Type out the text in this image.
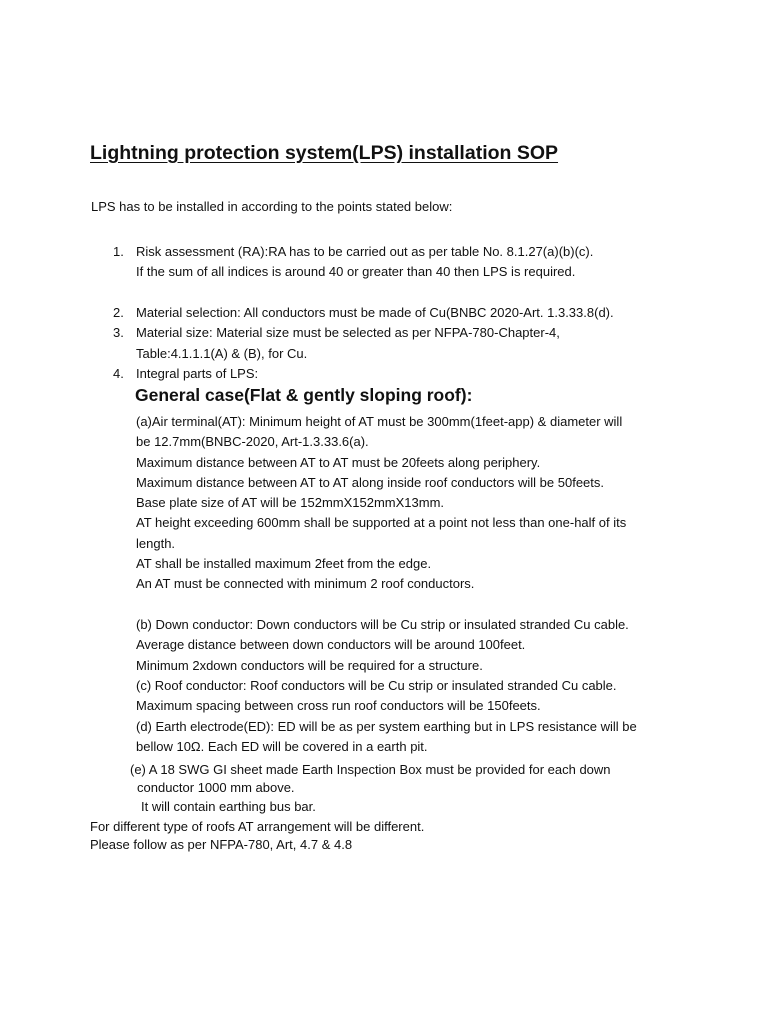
Lightning protection system(LPS) installation SOP
LPS has to be installed in according to the points stated below:
1. Risk assessment (RA):RA has to be carried out as per table No. 8.1.27(a)(b)(c).
If the sum of all indices is around 40 or greater than 40 then LPS is required.
2. Material selection: All conductors must be made of Cu(BNBC 2020-Art. 1.3.33.8(d).
3. Material size: Material size must be selected as per NFPA-780-Chapter-4,
Table:4.1.1.1(A) & (B), for Cu.
4. Integral parts of LPS:
General case(Flat & gently sloping roof):
(a)Air terminal(AT): Minimum height of AT must be 300mm(1feet-app) & diameter will
be 12.7mm(BNBC-2020, Art-1.3.33.6(a).
Maximum distance between AT to AT must be 20feets along periphery.
Maximum distance between AT to AT along inside roof conductors will be 50feets.
Base plate size of AT will be 152mmX152mmX13mm.
AT height exceeding 600mm shall be supported at a point not less than one-half of its
length.
AT shall be installed maximum 2feet from the edge.
An AT must be connected with minimum 2 roof conductors.
(b) Down conductor: Down conductors will be Cu strip or insulated stranded Cu cable.
Average distance between down conductors will be around 100feet.
Minimum 2xdown conductors will be required for a structure.
(c) Roof conductor: Roof conductors will be Cu strip or insulated stranded Cu cable.
Maximum spacing between cross run roof conductors will be 150feets.
(d) Earth electrode(ED): ED will be as per system earthing but in LPS resistance will be
bellow 10Ω. Each ED will be covered in a earth pit.
(e) A 18 SWG GI sheet made Earth Inspection Box must be provided for each down
conductor 1000 mm above.
It will contain earthing bus bar.
For different type of roofs AT arrangement will be different.
Please follow as per NFPA-780, Art, 4.7 & 4.8
